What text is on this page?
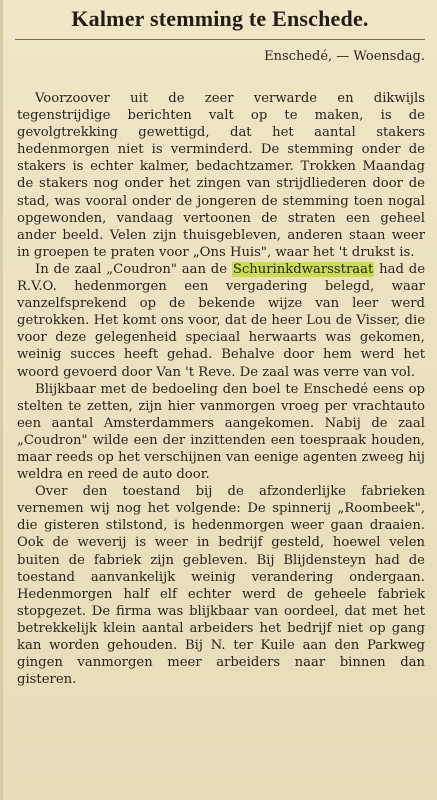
Kalmer stemming te Enschede.
Enschedé, — Woensdag.

Voorzoover uit de zeer verwarde en dikwijls tegenstrijdige berichten valt op te maken, is de gevolgtrekking gewettigd, dat het aantal stakers hedenmorgen niet is verminderd. De stemming onder de stakers is echter kalmer, bedachtzamer. Trokken Maandag de stakers nog onder het zingen van strijdliederen door de stad, was vooral onder de jongeren de stemming toen nogal opgewonden, vandaag vertoonen de straten een geheel ander beeld. Velen zijn thuisgebleven, anderen staan weer in groepen te praten voor „Ons Huis", waar het 't drukst is.

In de zaal „Coudron" aan de Schurinkdwarsstraat had de R.V.O. hedenmorgen een vergadering belegd, waar vanzelfsprekend op de bekende wijze van leer werd getrokken. Het komt ons voor, dat de heer Lou de Visser, die voor deze gelegenheid speciaal herwaarts was gekomen, weinig succes heeft gehad. Behalve door hem werd het woord gevoerd door Van 't Reve. De zaal was verre van vol.

Blijkbaar met de bedoeling den boel te Enschedé eens op stelten te zetten, zijn hier vanmorgen vroeg per vrachtauto een aantal Amsterdammers aangekomen. Nabij de zaal „Coudron" wilde een der inzittenden een toespraak houden, maar reeds op het verschijnen van eenige agenten zweeg hij weldra en reed de auto door.

Over den toestand bij de afzonderlijke fabrieken vernemen wij nog het volgende: De spinnerij „Roombeek", die gisteren stilstond, is hedenmorgen weer gaan draaien. Ook de weverij is weer in bedrijf gesteld, hoewel velen buiten de fabriek zijn gebleven. Bij Blijdensteyn had de toestand aanvankelijk weinig verandering ondergaan. Hedenmorgen half elf echter werd de geheele fabriek stopgezet. De firma was blijkbaar van oordeel, dat met het betrekkelijk klein aantal arbeiders het bedrijf niet op gang kan worden gehouden. Bij N. ter Kuile aan den Parkweg gingen vanmorgen meer arbeiders naar binnen dan gisteren.
